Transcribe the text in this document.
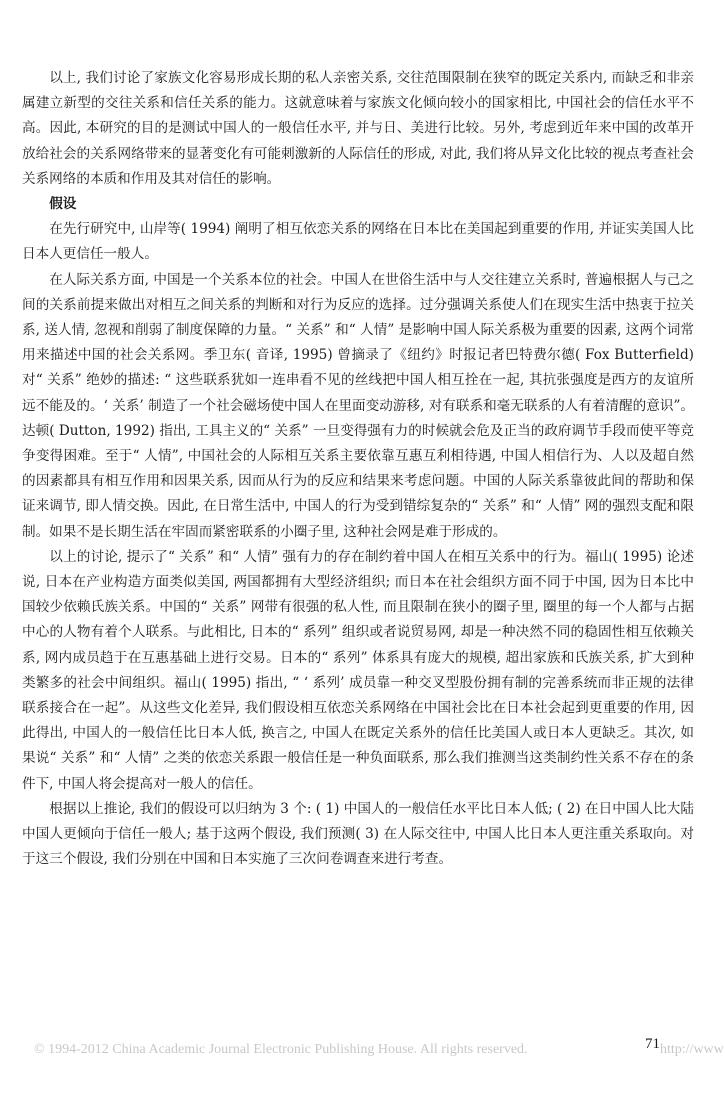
以上, 我们讨论了家族文化容易形成长期的私人亲密关系, 交往范围限制在狭窄的既定关系内, 而缺乏和非亲属建立新型的交往关系和信任关系的能力。这就意味着与家族文化倾向较小的国家相比, 中国社会的信任水平不高。因此, 本研究的目的是测试中国人的一般信任水平, 并与日、美进行比较。另外, 考虑到近年来中国的改革开放给社会的关系网络带来的显著变化有可能刺激新的人际信任的形成, 对此, 我们将从异文化比较的视点考查社会关系网络的本质和作用及其对信任的影响。

假设

在先行研究中, 山岸等( 1994) 阐明了相互依恋关系的网络在日本比在美国起到重要的作用, 并证实美国人比日本人更信任一般人。

在人际关系方面, 中国是一个关系本位的社会。中国人在世俗生活中与人交往建立关系时, 普遍根据人与己之间的关系前提来做出对相互之间关系的判断和对行为反应的选择。过分强调关系使人们在现实生活中热衷于拉关系, 送人情, 忽视和削弱了制度保障的力量。“ 关系” 和“ 人情” 是影响中国人际关系极为重要的因素, 这两个词常用来描述中国的社会关系网。季卫东( 音译, 1995) 曾摘录了《纽约》时报记者巴特费尔德( Fox Butterfield) 对“ 关系” 绝妙的描述: “ 这些联系犹如一连串看不见的丝线把中国人相互拴在一起, 其抗张强度是西方的友谊所远不能及的。‘ 关系’ 制造了一个社会磁场使中国人在里面变动游移, 对有联系和毫无联系的人有着清醒的意识”。达顿( Dutton, 1992) 指出, 工具主义的“ 关系” 一旦变得强有力的时候就会危及正当的政府调节手段而使平等竞争变得困难。至于“ 人情”, 中国社会的人际相互关系主要依靠互惠互利相待遇, 中国人相信行为、人以及超自然的因素都具有相互作用和因果关系, 因而从行为的反应和结果来考虑问题。中国的人际关系靠彼此间的帮助和保证来调节, 即人情交换。因此, 在日常生活中, 中国人的行为受到错综复杂的“ 关系” 和“ 人情” 网的强烈支配和限制。如果不是长期生活在牢固而紧密联系的小圈子里, 这种社会网是难于形成的。

以上的讨论, 提示了“ 关系” 和“ 人情” 强有力的存在制约着中国人在相互关系中的行为。福山( 1995) 论述说, 日本在产业构造方面类似美国, 两国都拥有大型经济组织; 而日本在社会组织方面不同于中国, 因为日本比中国较少依赖氏族关系。中国的“ 关系” 网带有很强的私人性, 而且限制在狭小的圈子里, 圈里的每一个人都与占据中心的人物有着个人联系。与此相比, 日本的“ 系列” 组织或者说贸易网, 却是一种决然不同的稳固性相互依赖关系, 网内成员趋于在互惠基础上进行交易。日本的“ 系列” 体系具有庞大的规模, 超出家族和氏族关系, 扩大到种类繁多的社会中间组织。福山( 1995) 指出, “ ‘ 系列’ 成员靠一种交叉型股份拥有制的完善系统而非正规的法律联系接合在一起”。从这些文化差异, 我们假设相互依恋关系网络在中国社会比在日本社会起到更重要的作用, 因此得出, 中国人的一般信任比日本人低, 换言之, 中国人在既定关系外的信任比美国人或日本人更缺乏。其次, 如果说“ 关系” 和“ 人情” 之类的依恋关系跟一般信任是一种负面联系, 那么我们推测当这类制约性关系不存在的条件下, 中国人将会提高对一般人的信任。

根据以上推论, 我们的假设可以归纳为 3 个: ( 1) 中国人的一般信任水平比日本人低; ( 2) 在日中国人比大陆中国人更倾向于信任一般人; 基于这两个假设, 我们预测( 3) 在人际交往中, 中国人比日本人更注重关系取向。对于这三个假设, 我们分别在中国和日本实施了三次问卷调查来进行考查。

© 1994-2012 China Academic Journal Electronic Publishing House. All rights reserved.	71 http://www
